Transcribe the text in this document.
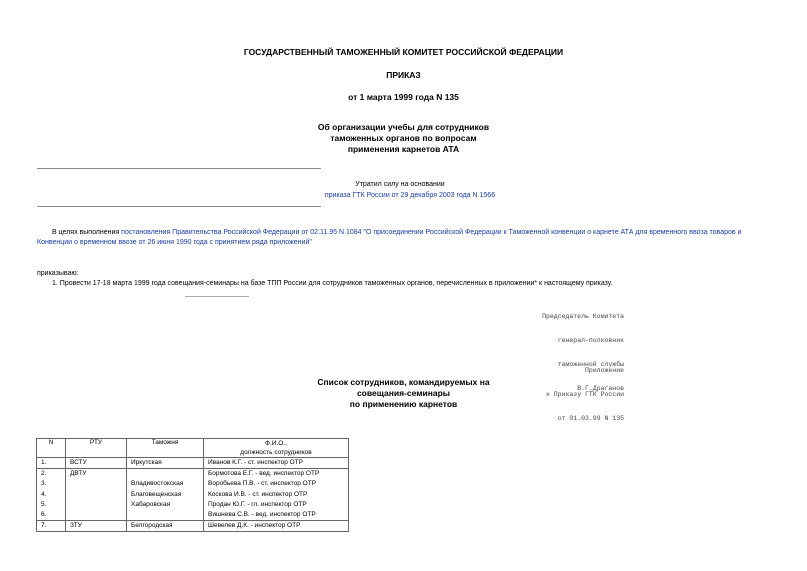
ГОСУДАРСТВЕННЫЙ ТАМОЖЕННЫЙ КОМИТЕТ РОССИЙСКОЙ ФЕДЕРАЦИИ
ПРИКАЗ
от 1 марта 1999 года N 135
Об организации учебы для сотрудников
таможенных органов по вопросам
применения карнетов АТА
Утратил силу на основании
приказа ГТК России от 29 декабря 2003 года N 1566
В целях выполнения постановления Правительства Российской Федерации от 02.11.95 N 1084 "О присоединении Российской Федерации к Таможенной конвенции о карнете АТА для временного ввоза товаров и
Конвенции о временном ввозе от 26 июня 1990 года с принятием ряда приложений"
приказываю:
1. Провести 17-18 марта 1999 года совещания-семинары на базе ТПП России для сотрудников таможенных органов, перечисленных в приложении* к настоящему приказу.

Председатель Комитета

генерал-полковник

таможенной службы

В.Г.Драганов

Приложение

к Приказу ГТК России

от 01.03.99 N 135

Список сотрудников, командируемых на
совещания-семинары
по применению карнетов
N	РТУ	Таможня	Ф.И.О.,
должность сотрудников

1.	ВСТУ	Иркутская	Иванов К.Г. - ст. инспектор ОТР
2.	ДВТУ		Бормотова Е.Г. - вед. инспектор ОТР
3.		Владивостокская	Воробьева П.В. - ст. инспектор ОТР
4.		Благовещенская	Коскова И.В. - ст. инспектор ОТР
5.		Хабаровская	Продан Ю.Г. - гл. инспектор ОТР
6.			Вишнева С.В. - вед. инспектор ОТР
7.	ЗТУ	Белгородская	Шевелев Д.К. - инспектор ОТР
